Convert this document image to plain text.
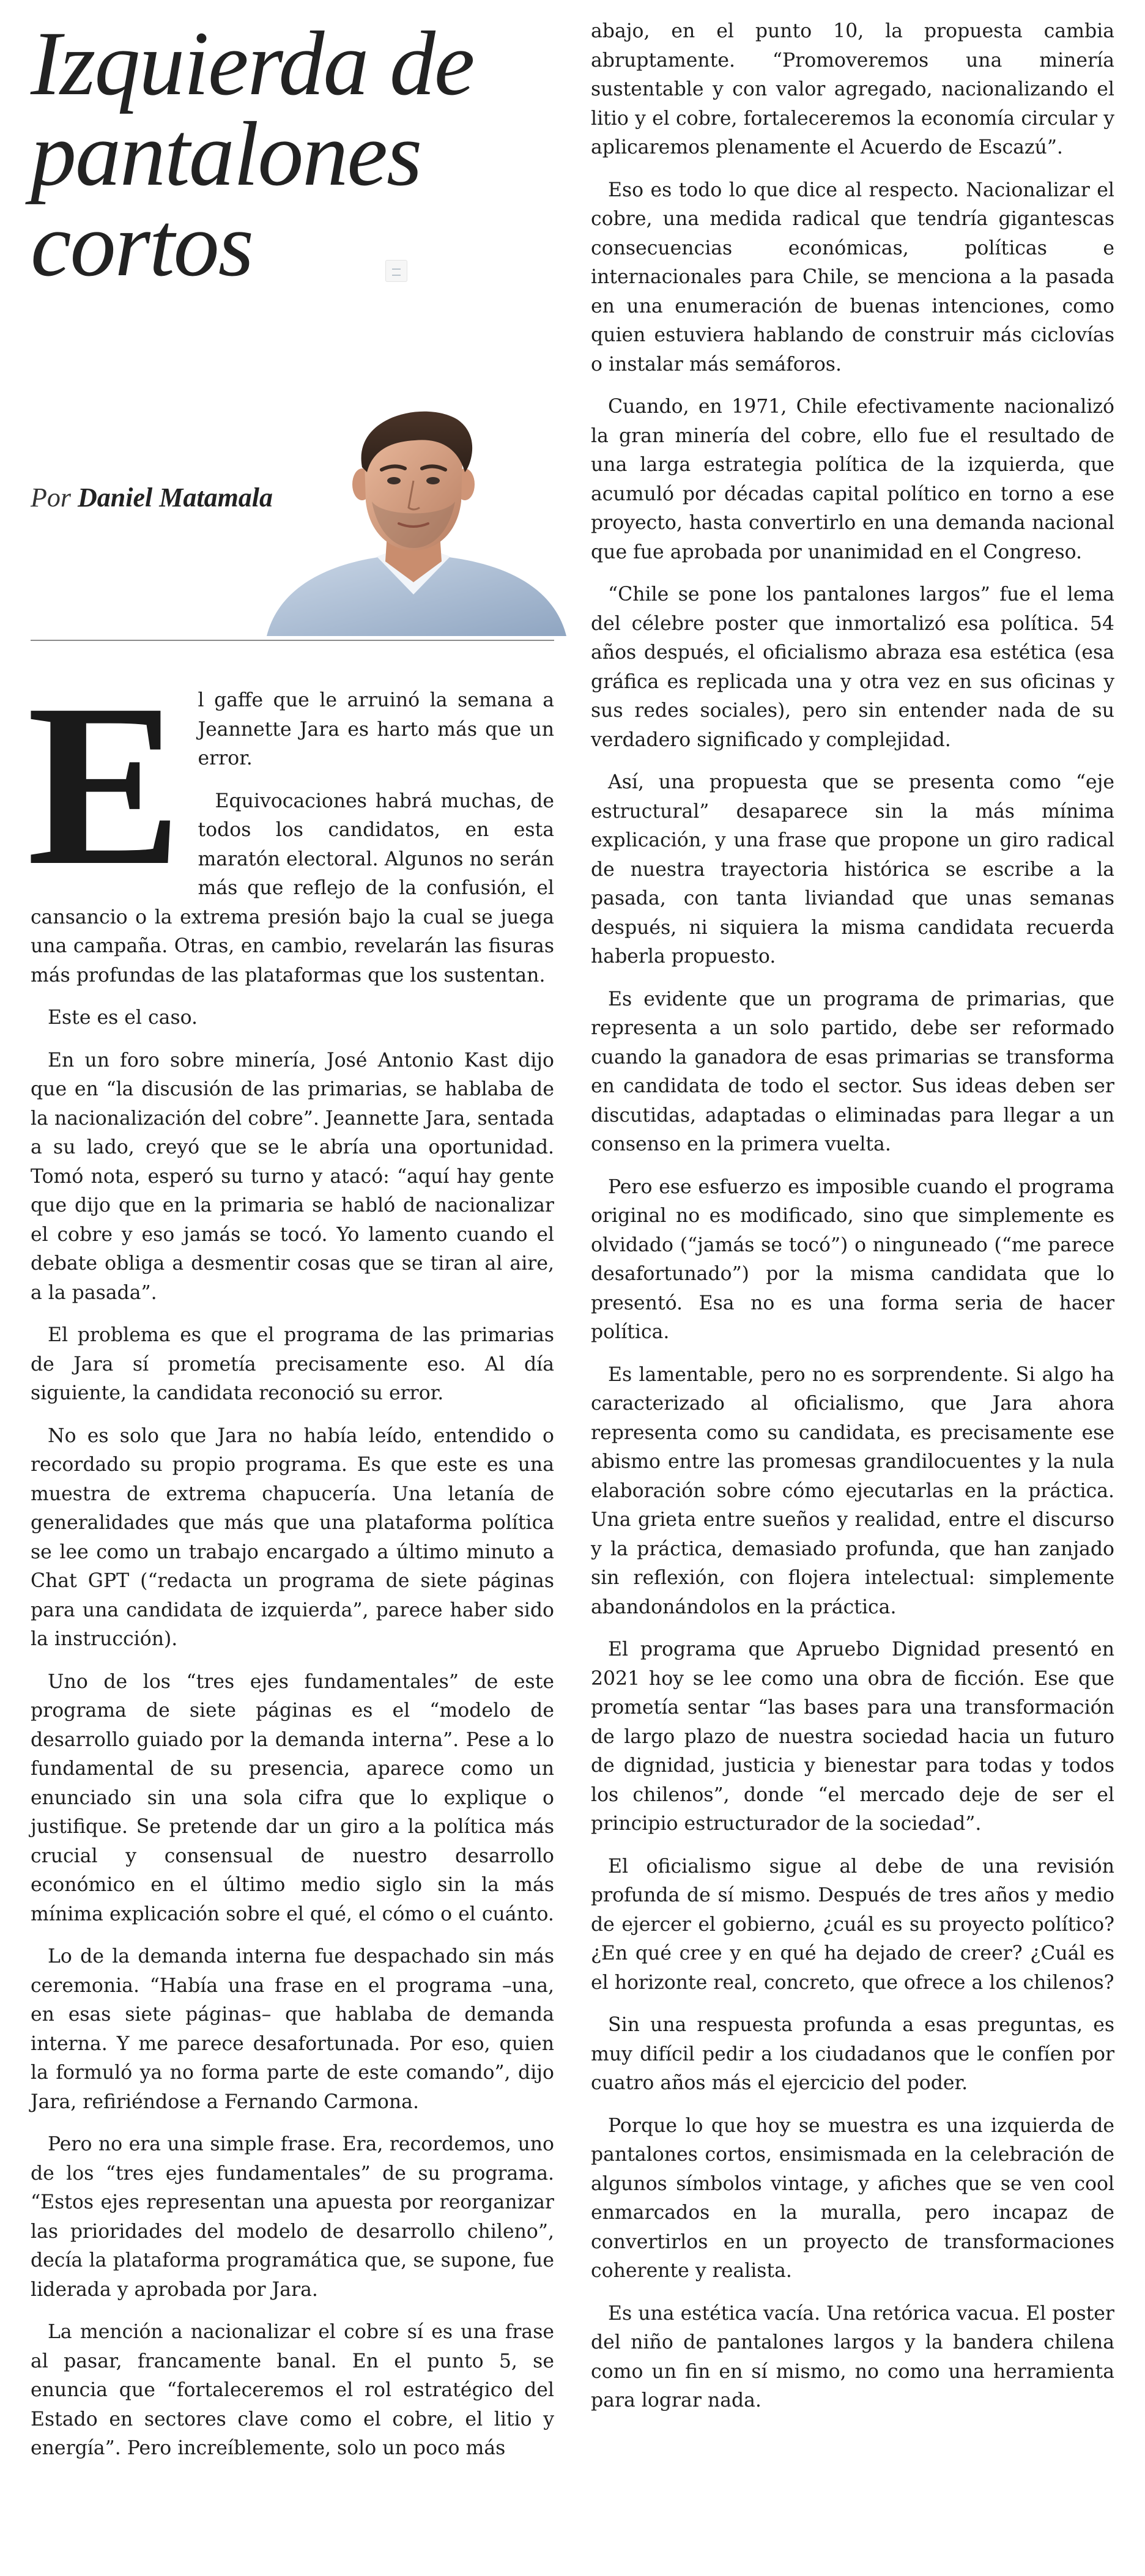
Izquierda de pantalones cortos
Por Daniel Matamala

El gaffe que le arruinó la semana a Jeannette Jara es harto más que un error.

Equivocaciones habrá muchas, de todos los candidatos, en esta maratón electoral. Algunos no serán más que reflejo de la confusión, el cansancio o la extrema presión bajo la cual se juega una campaña. Otras, en cambio, revelarán las fisuras más profundas de las plataformas que los sustentan.

Este es el caso.

En un foro sobre minería, José Antonio Kast dijo que en “la discusión de las primarias, se hablaba de la nacionalización del cobre”. Jeannette Jara, sentada a su lado, creyó que se le abría una oportunidad. Tomó nota, esperó su turno y atacó: “aquí hay gente que dijo que en la primaria se habló de nacionalizar el cobre y eso jamás se tocó. Yo lamento cuando el debate obliga a desmentir cosas que se tiran al aire, a la pasada”.

El problema es que el programa de las primarias de Jara sí prometía precisamente eso. Al día siguiente, la candidata reconoció su error.

No es solo que Jara no había leído, entendido o recordado su propio programa. Es que este es una muestra de extrema chapucería. Una letanía de generalidades que más que una plataforma política se lee como un trabajo encargado a último minuto a Chat GPT (“redacta un programa de siete páginas para una candidata de izquierda”, parece haber sido la instrucción).

Uno de los “tres ejes fundamentales” de este programa de siete páginas es el “modelo de desarrollo guiado por la demanda interna”. Pese a lo fundamental de su presencia, aparece como un enunciado sin una sola cifra que lo explique o justifique. Se pretende dar un giro a la política más crucial y consensual de nuestro desarrollo económico en el último medio siglo sin la más mínima explicación sobre el qué, el cómo o el cuánto.

Lo de la demanda interna fue despachado sin más ceremonia. “Había una frase en el programa –una, en esas siete páginas– que hablaba de demanda interna. Y me parece desafortunada. Por eso, quien la formuló ya no forma parte de este comando”, dijo Jara, refiriéndose a Fernando Carmona.

Pero no era una simple frase. Era, recordemos, uno de los “tres ejes fundamentales” de su programa. “Estos ejes representan una apuesta por reorganizar las prioridades del modelo de desarrollo chileno”, decía la plataforma programática que, se supone, fue liderada y aprobada por Jara.

La mención a nacionalizar el cobre sí es una frase al pasar, francamente banal. En el punto 5, se enuncia que “fortaleceremos el rol estratégico del Estado en sectores clave como el cobre, el litio y energía”. Pero increíblemente, solo un poco más

abajo, en el punto 10, la propuesta cambia abruptamente. “Promoveremos una minería sustentable y con valor agregado, nacionalizando el litio y el cobre, fortaleceremos la economía circular y aplicaremos plenamente el Acuerdo de Escazú”.

Eso es todo lo que dice al respecto. Nacionalizar el cobre, una medida radical que tendría gigantescas consecuencias económicas, políticas e internacionales para Chile, se menciona a la pasada en una enumeración de buenas intenciones, como quien estuviera hablando de construir más ciclovías o instalar más semáforos.

Cuando, en 1971, Chile efectivamente nacionalizó la gran minería del cobre, ello fue el resultado de una larga estrategia política de la izquierda, que acumuló por décadas capital político en torno a ese proyecto, hasta convertirlo en una demanda nacional que fue aprobada por unanimidad en el Congreso.

“Chile se pone los pantalones largos” fue el lema del célebre poster que inmortalizó esa política. 54 años después, el oficialismo abraza esa estética (esa gráfica es replicada una y otra vez en sus oficinas y sus redes sociales), pero sin entender nada de su verdadero significado y complejidad.

Así, una propuesta que se presenta como “eje estructural” desaparece sin la más mínima explicación, y una frase que propone un giro radical de nuestra trayectoria histórica se escribe a la pasada, con tanta liviandad que unas semanas después, ni siquiera la misma candidata recuerda haberla propuesto.

Es evidente que un programa de primarias, que representa a un solo partido, debe ser reformado cuando la ganadora de esas primarias se transforma en candidata de todo el sector. Sus ideas deben ser discutidas, adaptadas o eliminadas para llegar a un consenso en la primera vuelta.

Pero ese esfuerzo es imposible cuando el programa original no es modificado, sino que simplemente es olvidado (“jamás se tocó”) o ninguneado (“me parece desafortunado”) por la misma candidata que lo presentó. Esa no es una forma seria de hacer política.

Es lamentable, pero no es sorprendente. Si algo ha caracterizado al oficialismo, que Jara ahora representa como su candidata, es precisamente ese abismo entre las promesas grandilocuentes y la nula elaboración sobre cómo ejecutarlas en la práctica. Una grieta entre sueños y realidad, entre el discurso y la práctica, demasiado profunda, que han zanjado sin reflexión, con flojera intelectual: simplemente abandonándolos en la práctica.

El programa que Apruebo Dignidad presentó en 2021 hoy se lee como una obra de ficción. Ese que prometía sentar “las bases para una transformación de largo plazo de nuestra sociedad hacia un futuro de dignidad, justicia y bienestar para todas y todos los chilenos”, donde “el mercado deje de ser el principio estructurador de la sociedad”.

El oficialismo sigue al debe de una revisión profunda de sí mismo. Después de tres años y medio de ejercer el gobierno, ¿cuál es su proyecto político? ¿En qué cree y en qué ha dejado de creer? ¿Cuál es el horizonte real, concreto, que ofrece a los chilenos?

Sin una respuesta profunda a esas preguntas, es muy difícil pedir a los ciudadanos que le confíen por cuatro años más el ejercicio del poder.

Porque lo que hoy se muestra es una izquierda de pantalones cortos, ensimismada en la celebración de algunos símbolos vintage, y afiches que se ven cool enmarcados en la muralla, pero incapaz de convertirlos en un proyecto de transformaciones coherente y realista.

Es una estética vacía. Una retórica vacua. El poster del niño de pantalones largos y la bandera chilena como un fin en sí mismo, no como una herramienta para lograr nada.
